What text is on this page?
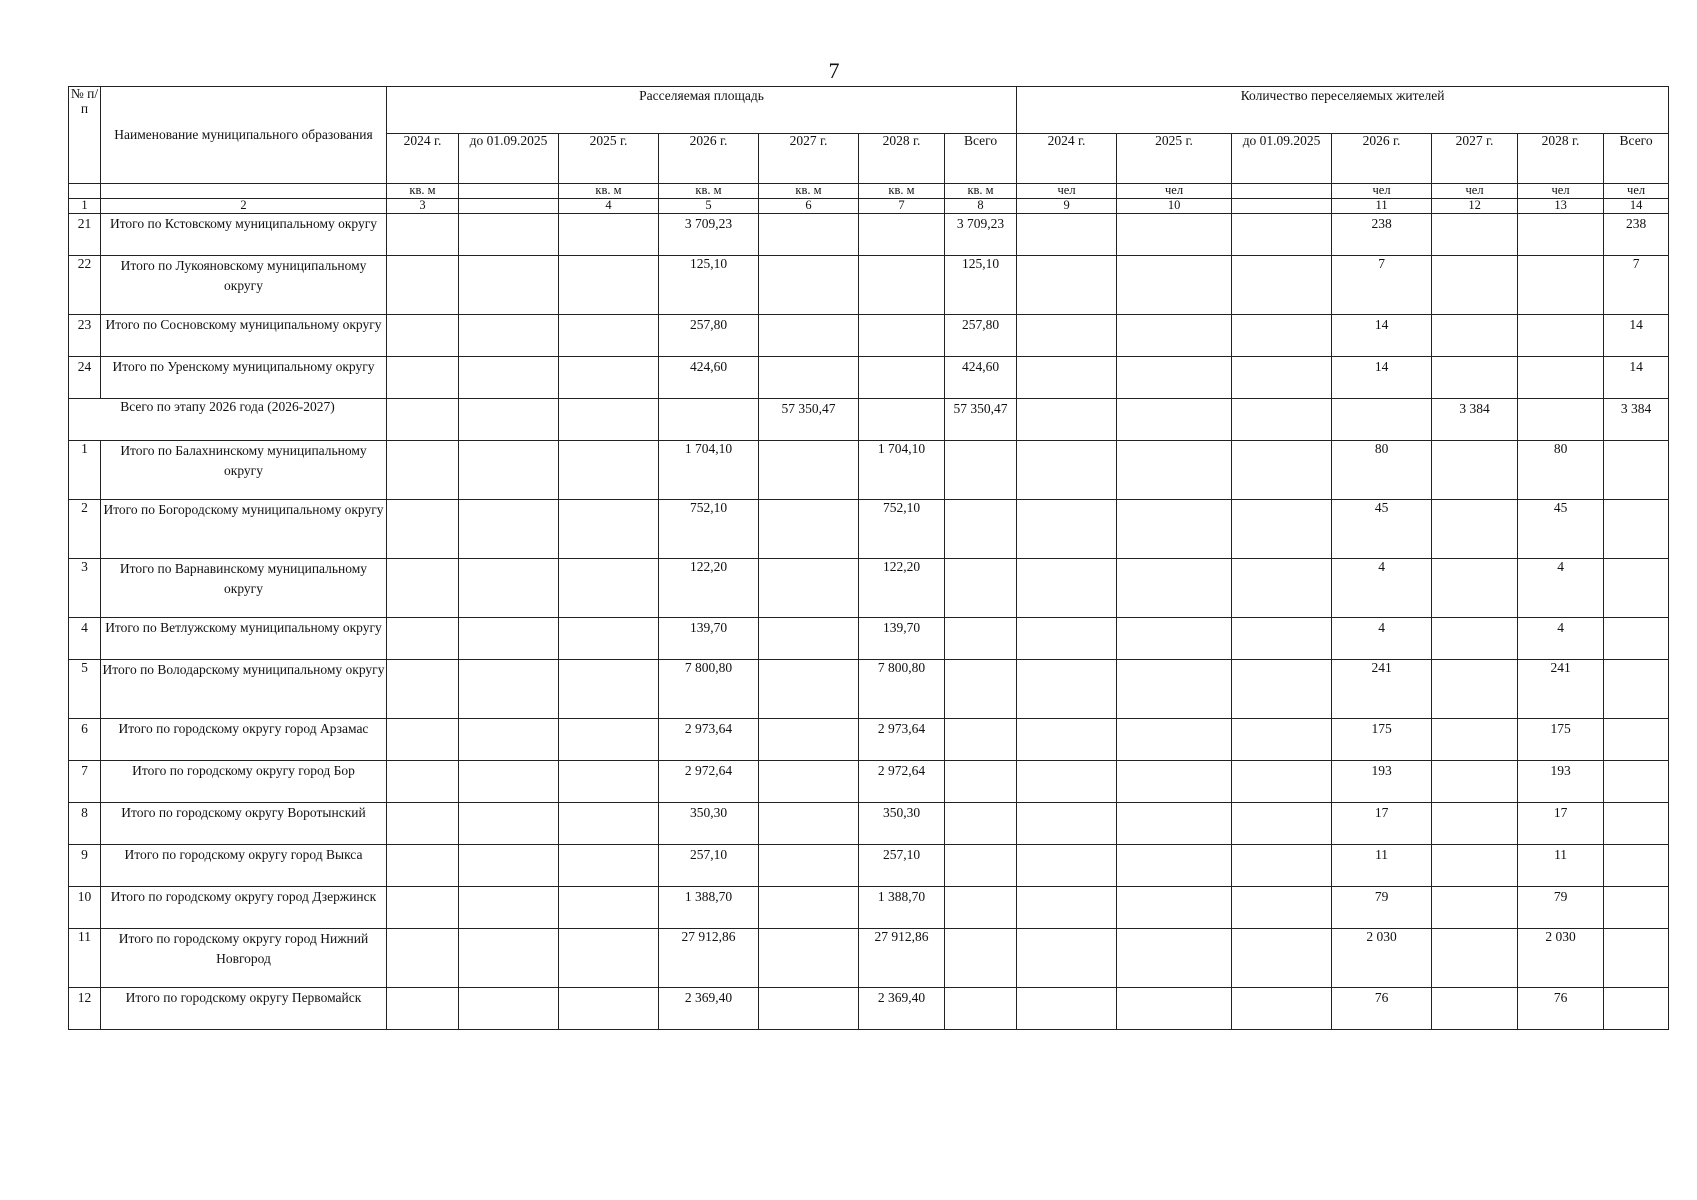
7
№ п/п	Наименование муниципального образования	Расселяемая площадь							Количество переселяемых жителей						
		2024 г.	до 01.09.2025	2025 г.	2026 г.	2027 г.	2028 г.	Всего	2024 г.	2025 г.	до 01.09.2025	2026 г.	2027 г.	2028 г.	Всего
		кв. м		кв. м	кв. м	кв. м	кв. м	кв. м	чел	чел		чел	чел	чел	чел
1	2	3		4	5	6	7	8	9	10		11	12	13	14
21	Итого по Кстовскому муниципальному округу				3 709,23			3 709,23				238			238
22	Итого по Лукояновскому муниципальному округу				125,10			125,10				7			7
23	Итого по Сосновскому муниципальному округу				257,80			257,80				14			14
24	Итого по Уренскому муниципальному округу				424,60			424,60				14			14
Всего по этапу 2026 года (2026-2027)						57 350,47		57 350,47					3 384		3 384
1	Итого по Балахнинскому муниципальному округу				1 704,10		1 704,10					80		80	
2	Итого по Богородскому муниципальному округу				752,10		752,10					45		45	
3	Итого по Варнавинскому муниципальному округу				122,20		122,20					4		4	
4	Итого по Ветлужскому муниципальному округу				139,70		139,70					4		4	
5	Итого по Володарскому муниципальному округу				7 800,80		7 800,80					241		241	
6	Итого по городскому округу город Арзамас				2 973,64		2 973,64					175		175	
7	Итого по городскому округу город Бор				2 972,64		2 972,64					193		193	
8	Итого по городскому округу Воротынский				350,30		350,30					17		17	
9	Итого по городскому округу город Выкса				257,10		257,10					11		11	
10	Итого по городскому округу город Дзержинск				1 388,70		1 388,70					79		79	
11	Итого по городскому округу город Нижний Новгород				27 912,86		27 912,86					2 030		2 030	
12	Итого по городскому округу Первомайск				2 369,40		2 369,40					76		76	
